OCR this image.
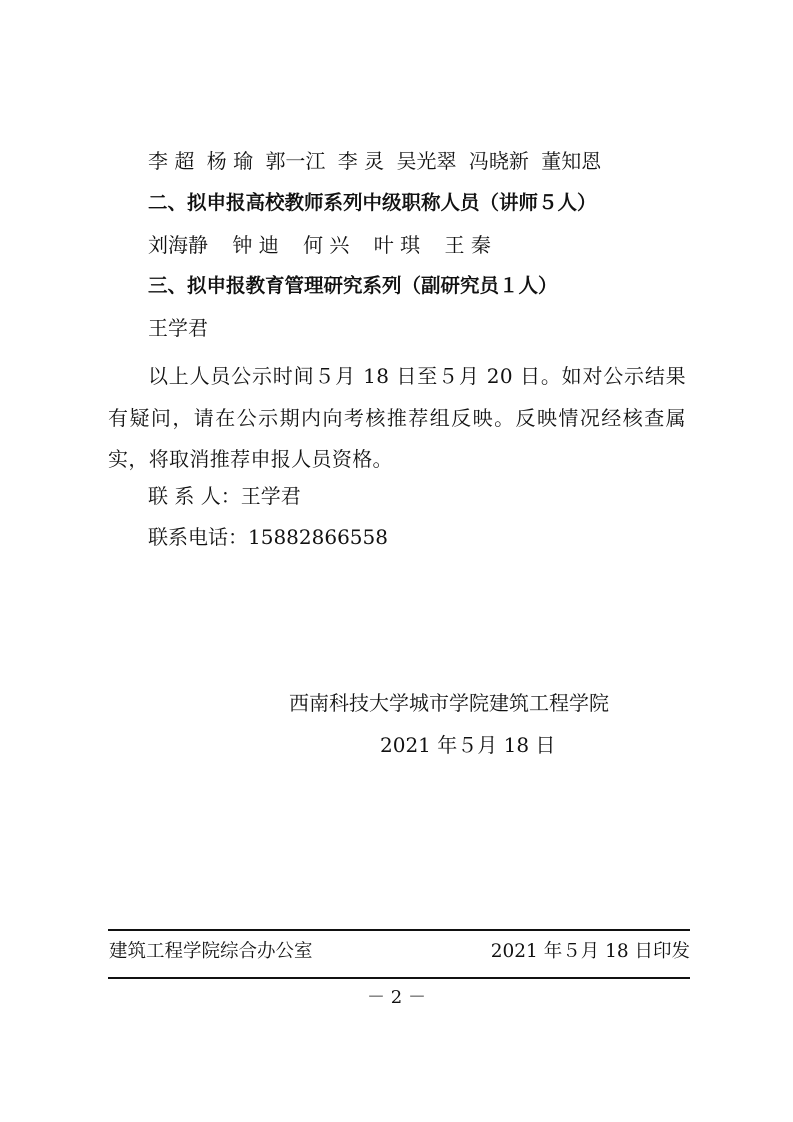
李 超 杨 瑜 郭一江 李 灵 吴光翠 冯晓新 董知恩
二、拟申报高校教师系列中级职称人员（讲师５人）
刘海静 钟 迪 何 兴 叶 琪 王 秦
三、拟申报教育管理研究系列（副研究员１人）
王学君

以上人员公示时间５月 18 日至５月 20 日。如对公示结果有疑问，请在公示期内向考核推荐组反映。反映情况经核查属实，将取消推荐申报人员资格。

联 系 人：王学君
联系电话：15882866558
西南科技大学城市学院建筑工程学院
2021 年５月 18 日
建筑工程学院综合办公室	2021 年５月 18 日印发
－ 2 －
